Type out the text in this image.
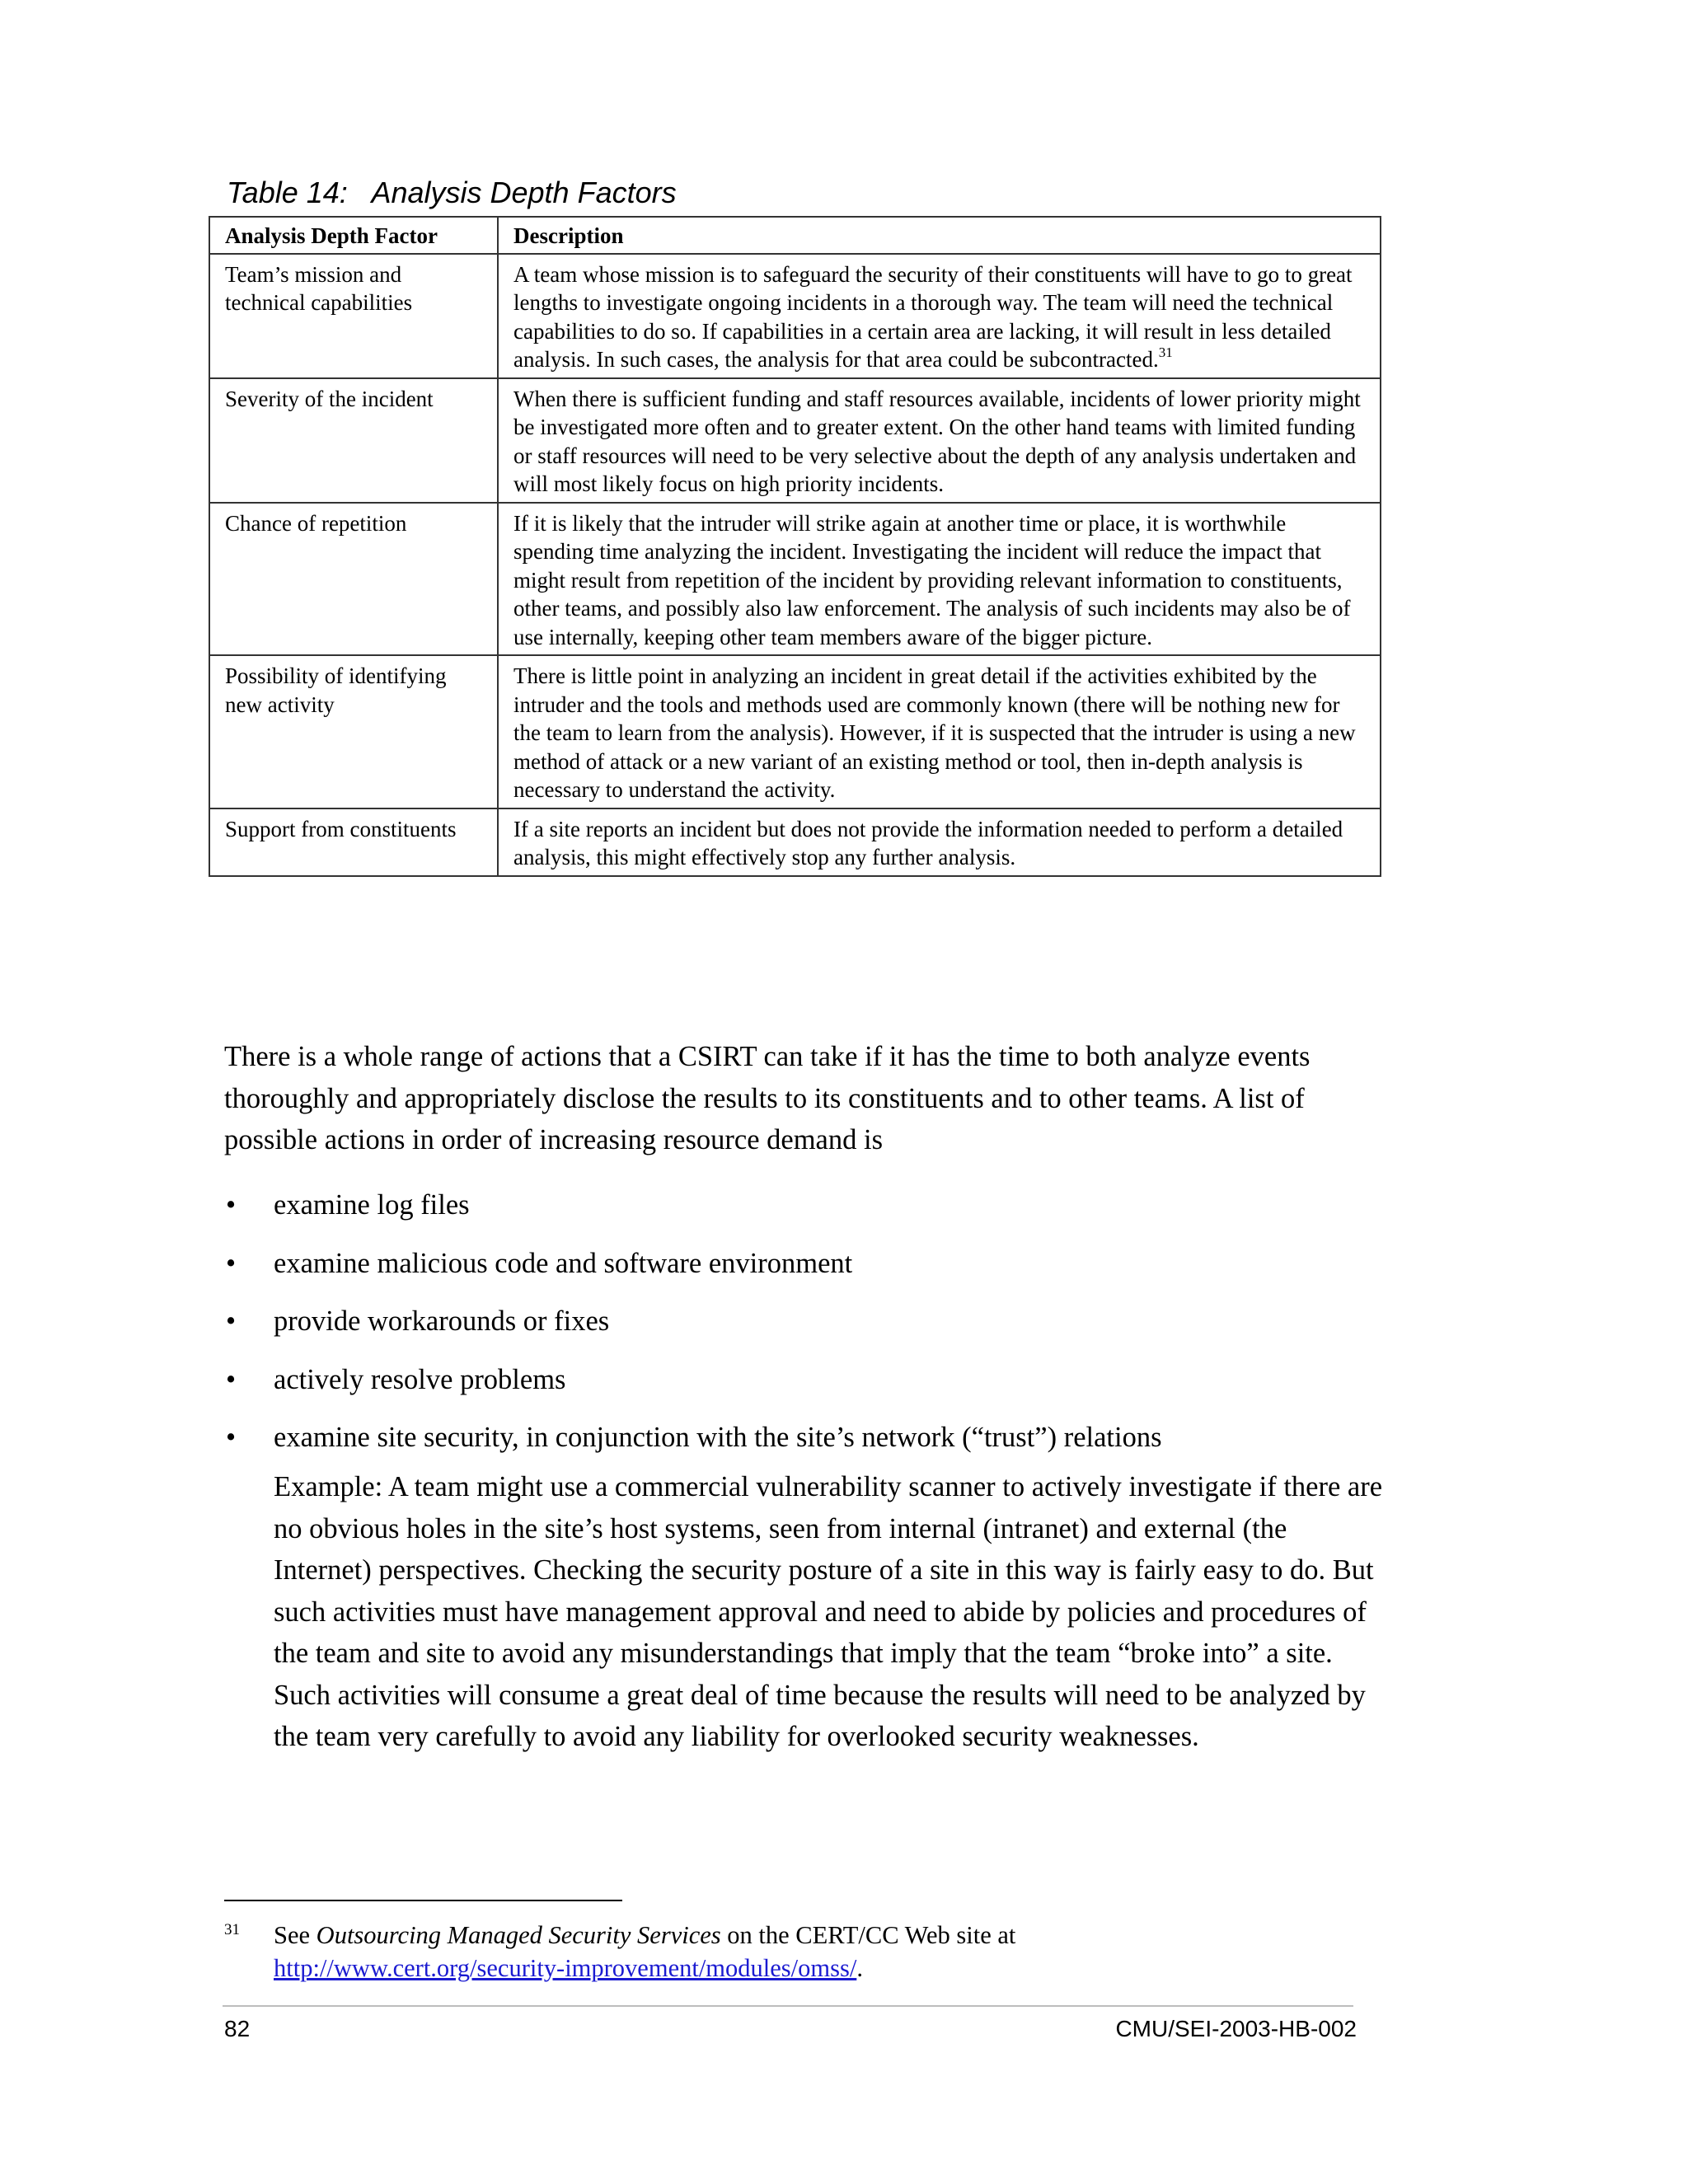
Table 14:   Analysis Depth Factors
Analysis Depth Factor	Description
Team’s mission and technical capabilities	A team whose mission is to safeguard the security of their constituents will have to go to great lengths to investigate ongoing incidents in a thorough way. The team will need the technical capabilities to do so. If capabilities in a certain area are lacking, it will result in less detailed analysis. In such cases, the analysis for that area could be subcontracted.$^{31}$
Severity of the incident	When there is sufficient funding and staff resources available, incidents of lower priority might be investigated more often and to greater extent. On the other hand teams with limited funding or staff resources will need to be very selective about the depth of any analysis undertaken and will most likely focus on high priority incidents.
Chance of repetition	If it is likely that the intruder will strike again at another time or place, it is worthwhile spending time analyzing the incident. Investigating the incident will reduce the impact that might result from repetition of the incident by providing relevant information to constituents, other teams, and possibly also law enforcement. The analysis of such incidents may also be of use internally, keeping other team members aware of the bigger picture.
Possibility of identifying new activity	There is little point in analyzing an incident in great detail if the activities exhibited by the intruder and the tools and methods used are commonly known (there will be nothing new for the team to learn from the analysis). However, if it is suspected that the intruder is using a new method of attack or a new variant of an existing method or tool, then in-depth analysis is necessary to understand the activity.
Support from constituents	If a site reports an incident but does not provide the information needed to perform a detailed analysis, this might effectively stop any further analysis.

There is a whole range of actions that a CSIRT can take if it has the time to both analyze events thoroughly and appropriately disclose the results to its constituents and to other teams. A list of possible actions in order of increasing resource demand is

• examine log files
• examine malicious code and software environment
• provide workarounds or fixes
• actively resolve problems
• examine site security, in conjunction with the site’s network (“trust”) relations

Example: A team might use a commercial vulnerability scanner to actively investigate if there are no obvious holes in the site’s host systems, seen from internal (intranet) and external (the Internet) perspectives. Checking the security posture of a site in this way is fairly easy to do. But such activities must have management approval and need to abide by policies and procedures of the team and site to avoid any misunderstandings that imply that the team “broke into” a site. Such activities will consume a great deal of time because the results will need to be analyzed by the team very carefully to avoid any liability for overlooked security weaknesses.

31 See Outsourcing Managed Security Services on the CERT/CC Web site at
http://www.cert.org/security-improvement/modules/omss/.
82	CMU/SEI-2003-HB-002
